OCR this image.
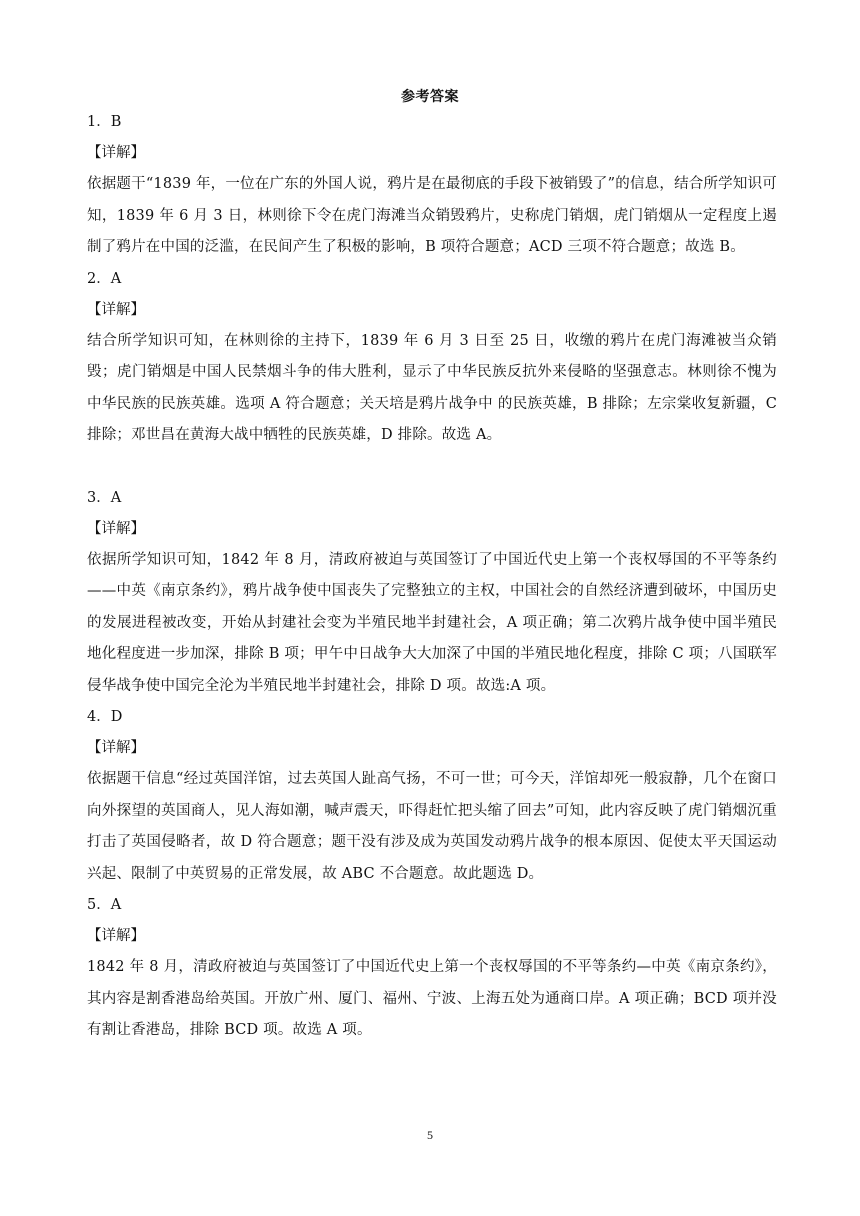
参考答案
1．B
【详解】
依据题干“1839 年，一位在广东的外国人说，鸦片是在最彻底的手段下被销毁了”的信息，结合所学知识可知，1839 年 6 月 3 日，林则徐下令在虎门海滩当众销毁鸦片，史称虎门销烟，虎门销烟从一定程度上遏制了鸦片在中国的泛滥，在民间产生了积极的影响，B 项符合题意；ACD 三项不符合题意；故选 B。
2．A
【详解】
结合所学知识可知，在林则徐的主持下，1839 年 6 月 3 日至 25 日，收缴的鸦片在虎门海滩被当众销毁；虎门销烟是中国人民禁烟斗争的伟大胜利，显示了中华民族反抗外来侵略的坚强意志。林则徐不愧为中华民族的民族英雄。选项 A 符合题意；关天培是鸦片战争中 的民族英雄，B 排除；左宗棠收复新疆，C 排除；邓世昌在黄海大战中牺牲的民族英雄，D 排除。故选 A。
3．A
【详解】
依据所学知识可知，1842 年 8 月，清政府被迫与英国签订了中国近代史上第一个丧权辱国的不平等条约——中英《南京条约》，鸦片战争使中国丧失了完整独立的主权，中国社会的自然经济遭到破坏，中国历史的发展进程被改变，开始从封建社会变为半殖民地半封建社会，A 项正确；第二次鸦片战争使中国半殖民地化程度进一步加深，排除 B 项；甲午中日战争大大加深了中国的半殖民地化程度，排除 C 项；八国联军侵华战争使中国完全沦为半殖民地半封建社会，排除 D 项。故选:A 项。
4．D
【详解】
依据题干信息“经过英国洋馆，过去英国人趾高气扬，不可一世；可今天，洋馆却死一般寂静，几个在窗口向外探望的英国商人，见人海如潮，喊声震天，吓得赶忙把头缩了回去”可知，此内容反映了虎门销烟沉重打击了英国侵略者，故 D 符合题意；题干没有涉及成为英国发动鸦片战争的根本原因、促使太平天国运动兴起、限制了中英贸易的正常发展，故 ABC 不合题意。故此题选 D。
5．A
【详解】
1842 年 8 月，清政府被迫与英国签订了中国近代史上第一个丧权辱国的不平等条约—中英《南京条约》，其内容是割香港岛给英国。开放广州、厦门、福州、宁波、上海五处为通商口岸。A 项正确；BCD 项并没有割让香港岛，排除 BCD 项。故选 A 项。
5
